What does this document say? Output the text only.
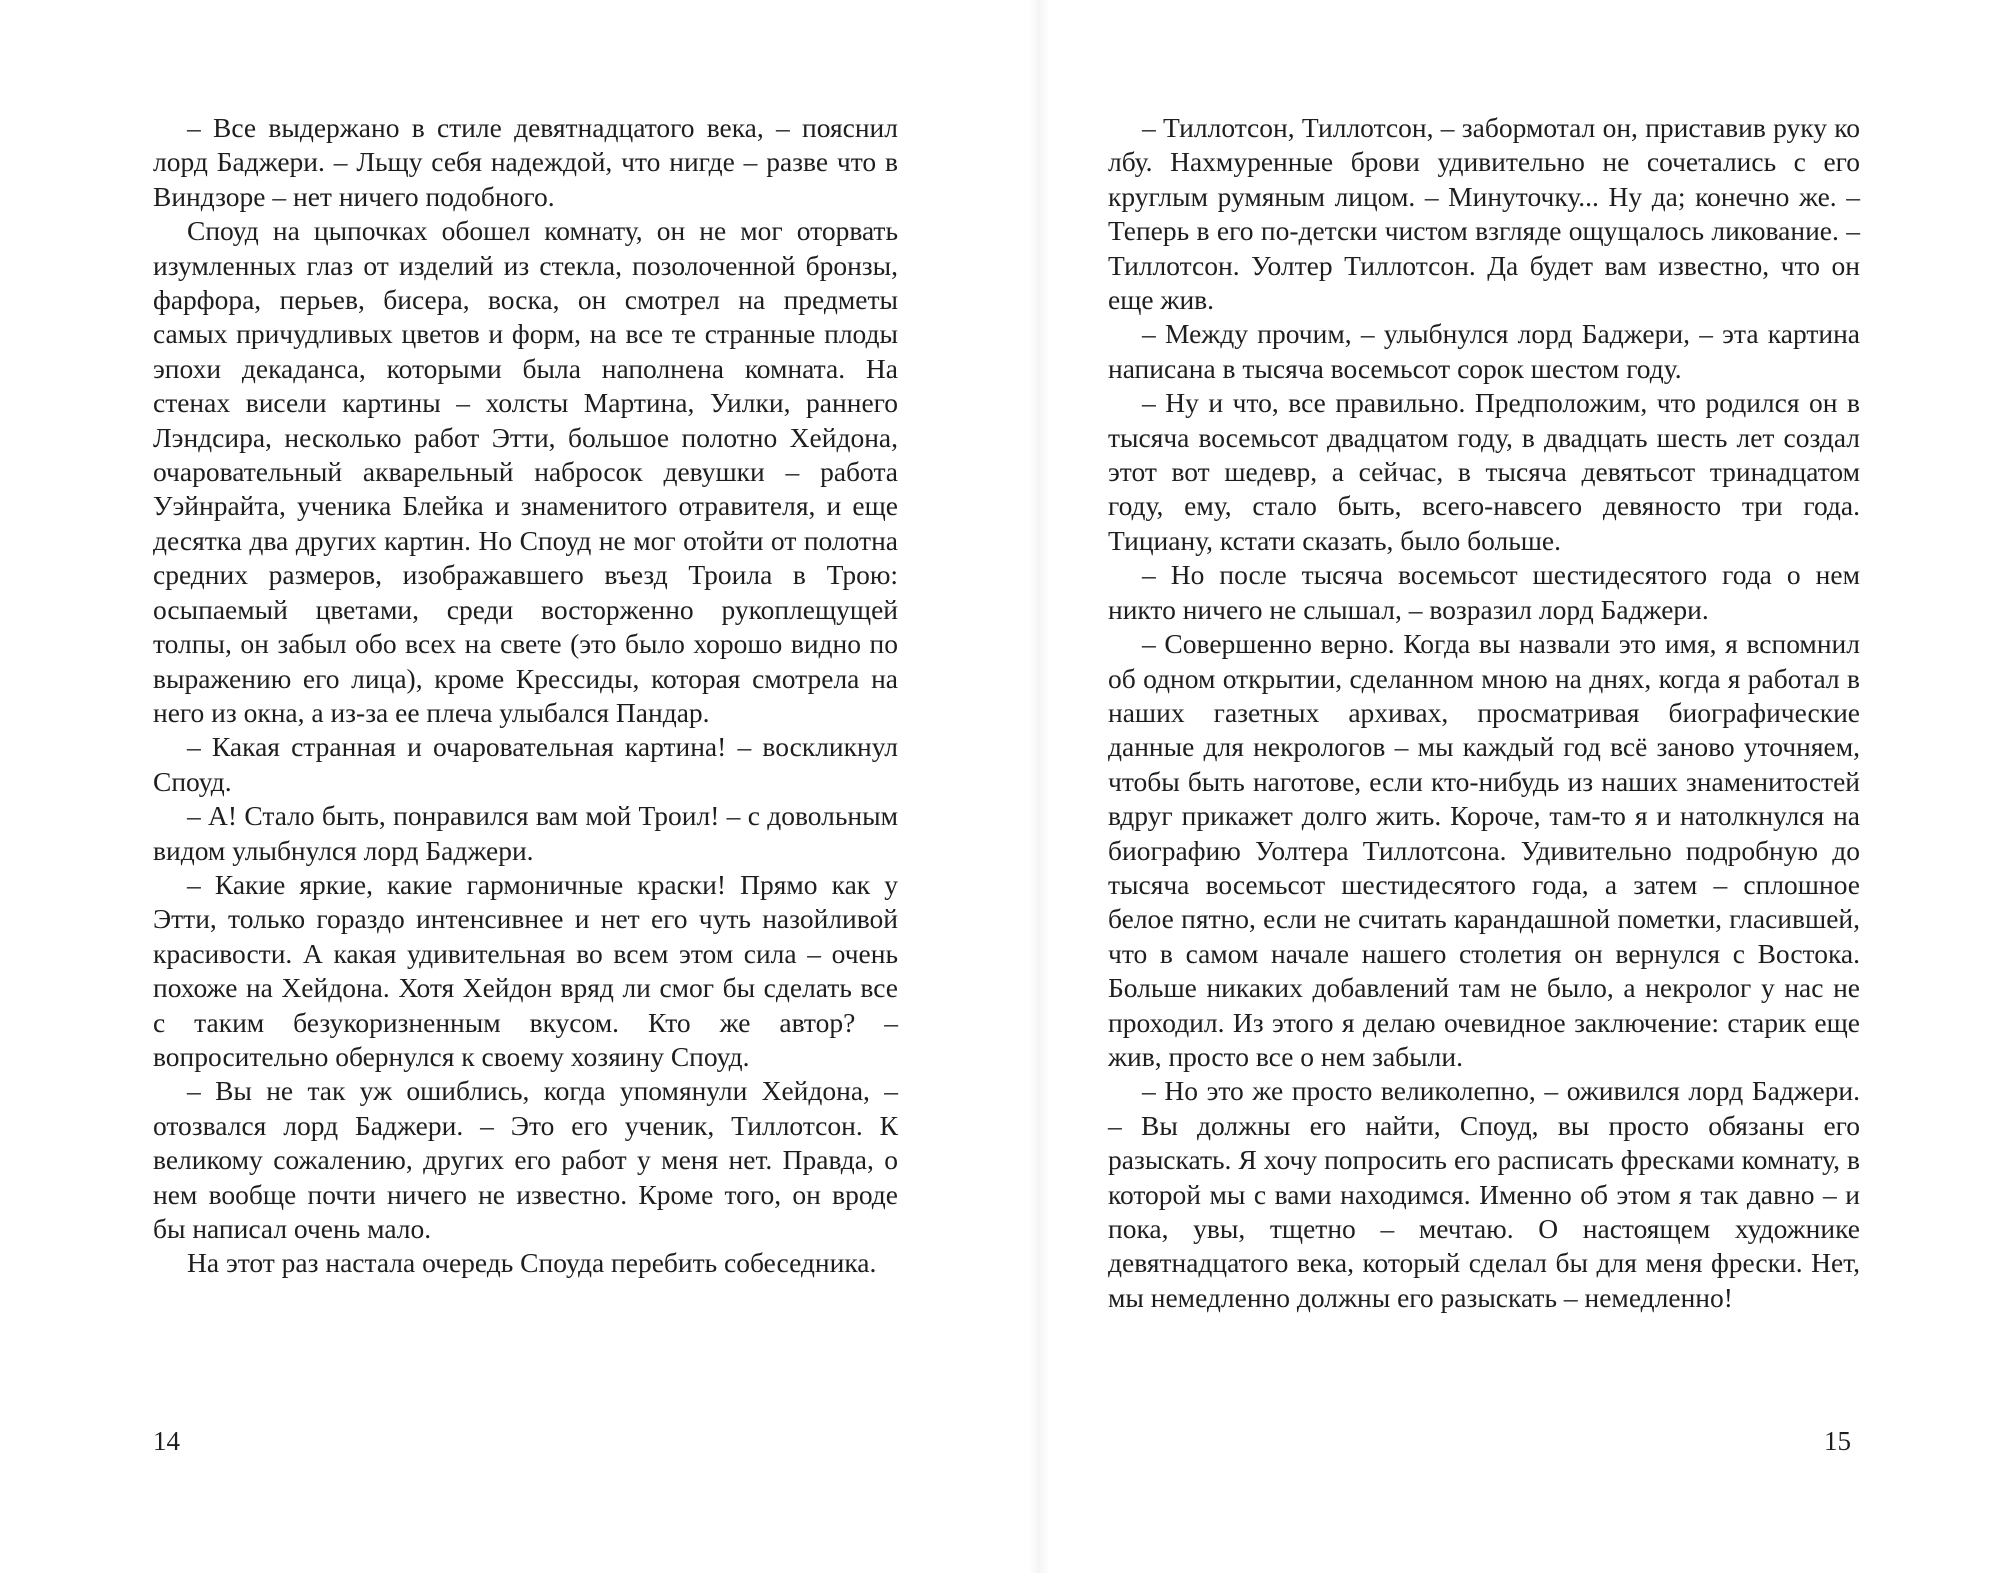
– Все выдержано в стиле девятнадцатого века, – пояснил лорд Баджери. – Льщу себя надеждой, что нигде – разве что в Виндзоре – нет ничего подобного.

Споуд на цыпочках обошел комнату, он не мог оторвать изумленных глаз от изделий из стекла, позолоченной бронзы, фарфора, перьев, бисера, воска, он смотрел на предметы самых причудливых цветов и форм, на все те странные плоды эпохи декаданса, которыми была наполнена комната. На стенах висели картины – холсты Мартина, Уилки, раннего Лэндсира, несколько работ Этти, большое полотно Хейдона, очаровательный акварельный набросок девушки – работа Уэйнрайта, ученика Блейка и знаменитого отравителя, и еще десятка два других картин. Но Споуд не мог отойти от полотна средних размеров, изображавшего въезд Троила в Трою: осыпаемый цветами, среди восторженно рукоплещущей толпы, он забыл обо всех на свете (это было хорошо видно по выражению его лица), кроме Крессиды, которая смотрела на него из окна, а из-за ее плеча улыбался Пандар.

– Какая странная и очаровательная картина! – воскликнул Споуд.

– А! Стало быть, понравился вам мой Троил! – с довольным видом улыбнулся лорд Баджери.

– Какие яркие, какие гармоничные краски! Прямо как у Этти, только гораздо интенсивнее и нет его чуть назойливой красивости. А какая удивительная во всем этом сила – очень похоже на Хейдона. Хотя Хейдон вряд ли смог бы сделать все с таким безукоризненным вкусом. Кто же автор? – вопросительно обернулся к своему хозяину Споуд.

– Вы не так уж ошиблись, когда упомянули Хейдона, – отозвался лорд Баджери. – Это его ученик, Тиллотсон. К великому сожалению, других его работ у меня нет. Правда, о нем вообще почти ничего не известно. Кроме того, он вроде бы написал очень мало.

На этот раз настала очередь Споуда перебить собеседника.

14

– Тиллотсон, Тиллотсон, – забормотал он, приставив руку ко лбу. Нахмуренные брови удивительно не сочетались с его круглым румяным лицом. – Минуточку... Ну да; конечно же. – Теперь в его по-детски чистом взгляде ощущалось ликование. – Тиллотсон. Уолтер Тиллотсон. Да будет вам известно, что он еще жив.

– Между прочим, – улыбнулся лорд Баджери, – эта картина написана в тысяча восемьсот сорок шестом году.

– Ну и что, все правильно. Предположим, что родился он в тысяча восемьсот двадцатом году, в двадцать шесть лет создал этот вот шедевр, а сейчас, в тысяча девятьсот тринадцатом году, ему, стало быть, всего-навсего девяносто три года. Тициану, кстати сказать, было больше.

– Но после тысяча восемьсот шестидесятого года о нем никто ничего не слышал, – возразил лорд Баджери.

– Совершенно верно. Когда вы назвали это имя, я вспомнил об одном открытии, сделанном мною на днях, когда я работал в наших газетных архивах, просматривая биографические данные для некрологов – мы каждый год всё заново уточняем, чтобы быть наготове, если кто-нибудь из наших знаменитостей вдруг прикажет долго жить. Короче, там-то я и натолкнулся на биографию Уолтера Тиллотсона. Удивительно подробную до тысяча восемьсот шестидесятого года, а затем – сплошное белое пятно, если не считать карандашной пометки, гласившей, что в самом начале нашего столетия он вернулся с Востока. Больше никаких добавлений там не было, а некролог у нас не проходил. Из этого я делаю очевидное заключение: старик еще жив, просто все о нем забыли.

– Но это же просто великолепно, – оживился лорд Баджери. – Вы должны его найти, Споуд, вы просто обязаны его разыскать. Я хочу попросить его расписать фресками комнату, в которой мы с вами находимся. Именно об этом я так давно – и пока, увы, тщетно – мечтаю. О настоящем художнике девятнадцатого века, который сделал бы для меня фрески. Нет, мы немедленно должны его разыскать – немедленно!

15
